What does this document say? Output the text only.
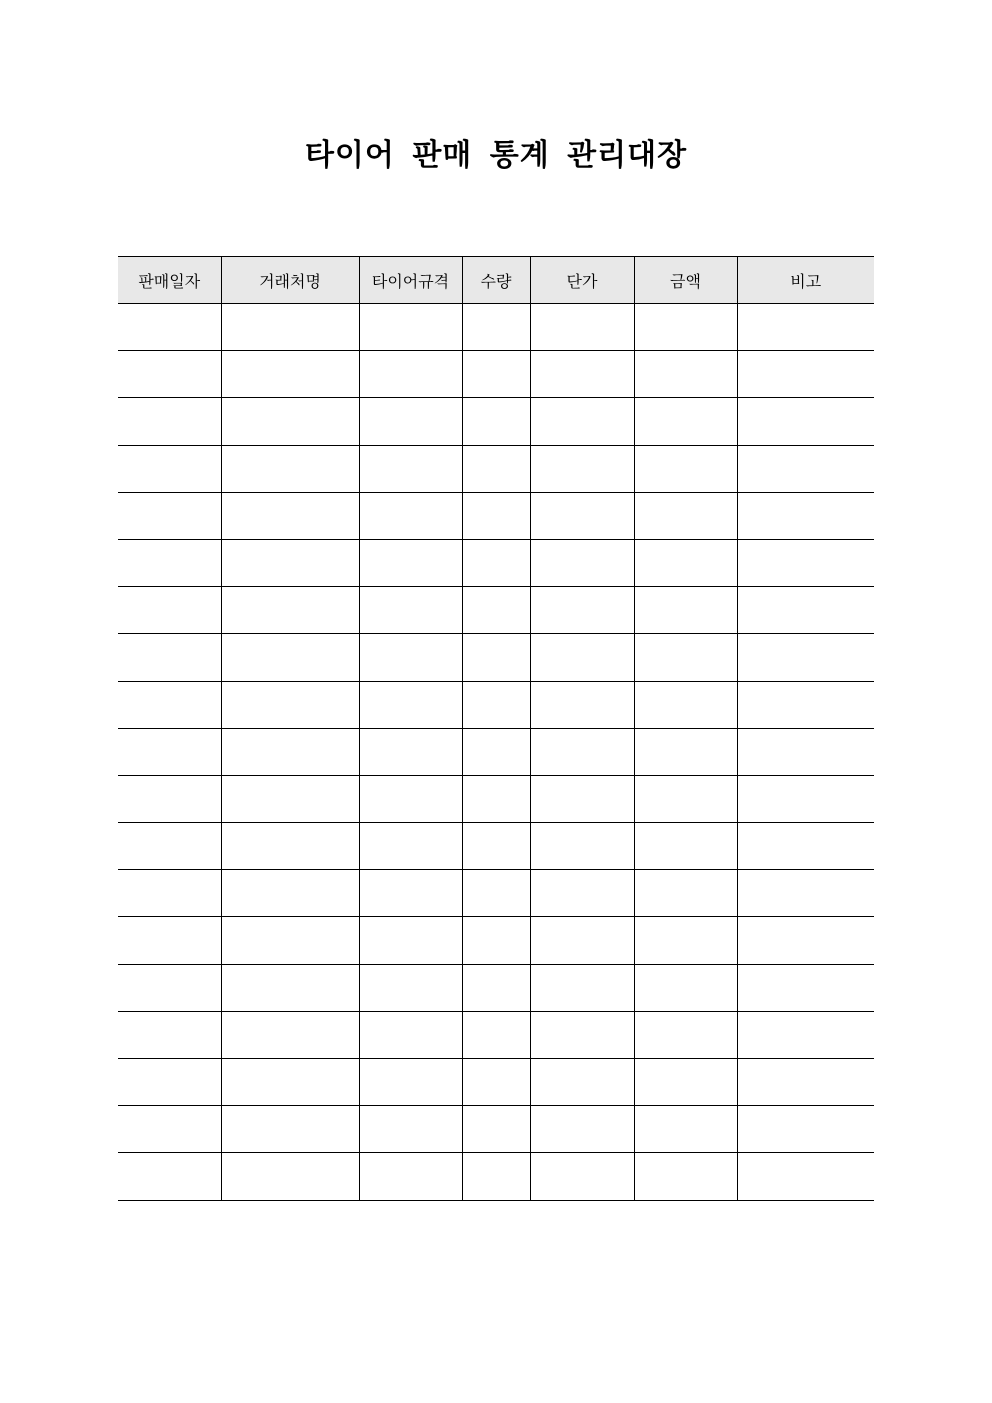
타이어 판매 통계 관리대장
판매일자	거래처명	타이어규격	수량	단가	금액	비고
